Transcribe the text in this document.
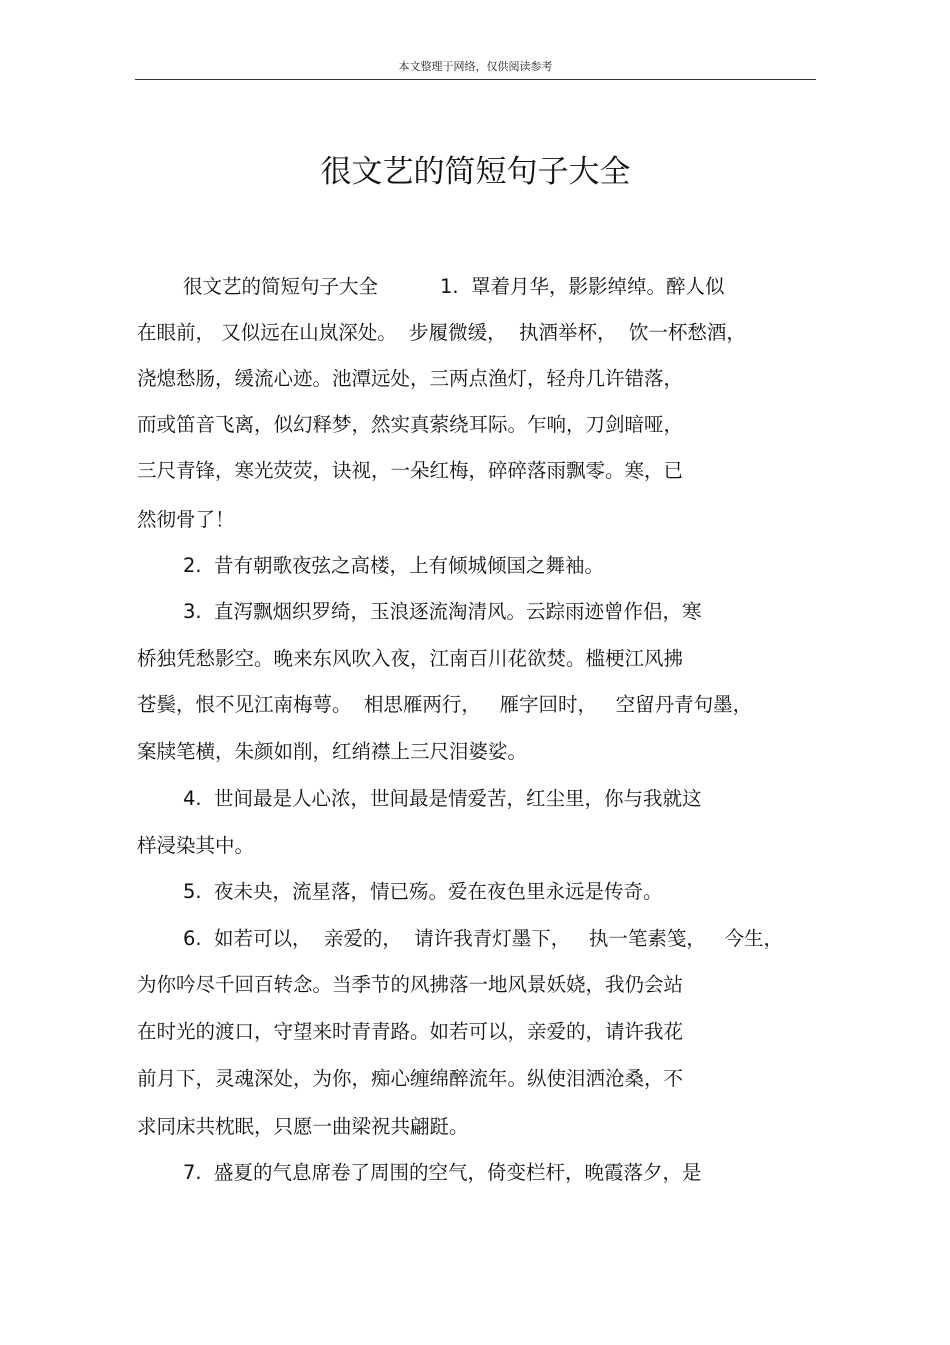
本文整理于网络，仅供阅读参考
很文艺的简短句子大全

很文艺的简短句子大全          1.  罩着月华，影影绰绰。醉人似

在眼前， 又似远在山岚深处。  步履微缓，  执酒举杯，  饮一杯愁酒，

浇熄愁肠，缓流心迹。池潭远处，三两点渔灯，轻舟几许错落，

而或笛音飞离，似幻释梦，然实真萦绕耳际。乍响，刀剑暗哑，

三尺青锋，寒光荧荧，诀视，一朵红梅，碎碎落雨飘零。寒，已

然彻骨了！

2.  昔有朝歌夜弦之高楼，上有倾城倾国之舞袖。

3.  直泻飘烟织罗绮，玉浪逐流淘清风。云踪雨迹曾作侣，寒

桥独凭愁影空。晚来东风吹入夜，江南百川花欲焚。槛梗江风拂

苍鬓，恨不见江南梅萼。  相思雁两行，   雁字回时，   空留丹青句墨，

案牍笔横，朱颜如削，红绡襟上三尺泪婆娑。

4.  世间最是人心浓，世间最是情爱苦，红尘里，你与我就这

样浸染其中。

5.  夜未央，流星落，情已殇。爱在夜色里永远是传奇。

6.  如若可以，  亲爱的，  请许我青灯墨下，   执一笔素笺，   今生，

为你吟尽千回百转念。当季节的风拂落一地风景妖娆，我仍会站

在时光的渡口，守望来时青青路。如若可以，亲爱的，请许我花

前月下，灵魂深处，为你，痴心缠绵醉流年。纵使泪洒沧桑，不

求同床共枕眠，只愿一曲梁祝共翩跹。

7.  盛夏的气息席卷了周围的空气，倚变栏杆，晚霞落夕，是
